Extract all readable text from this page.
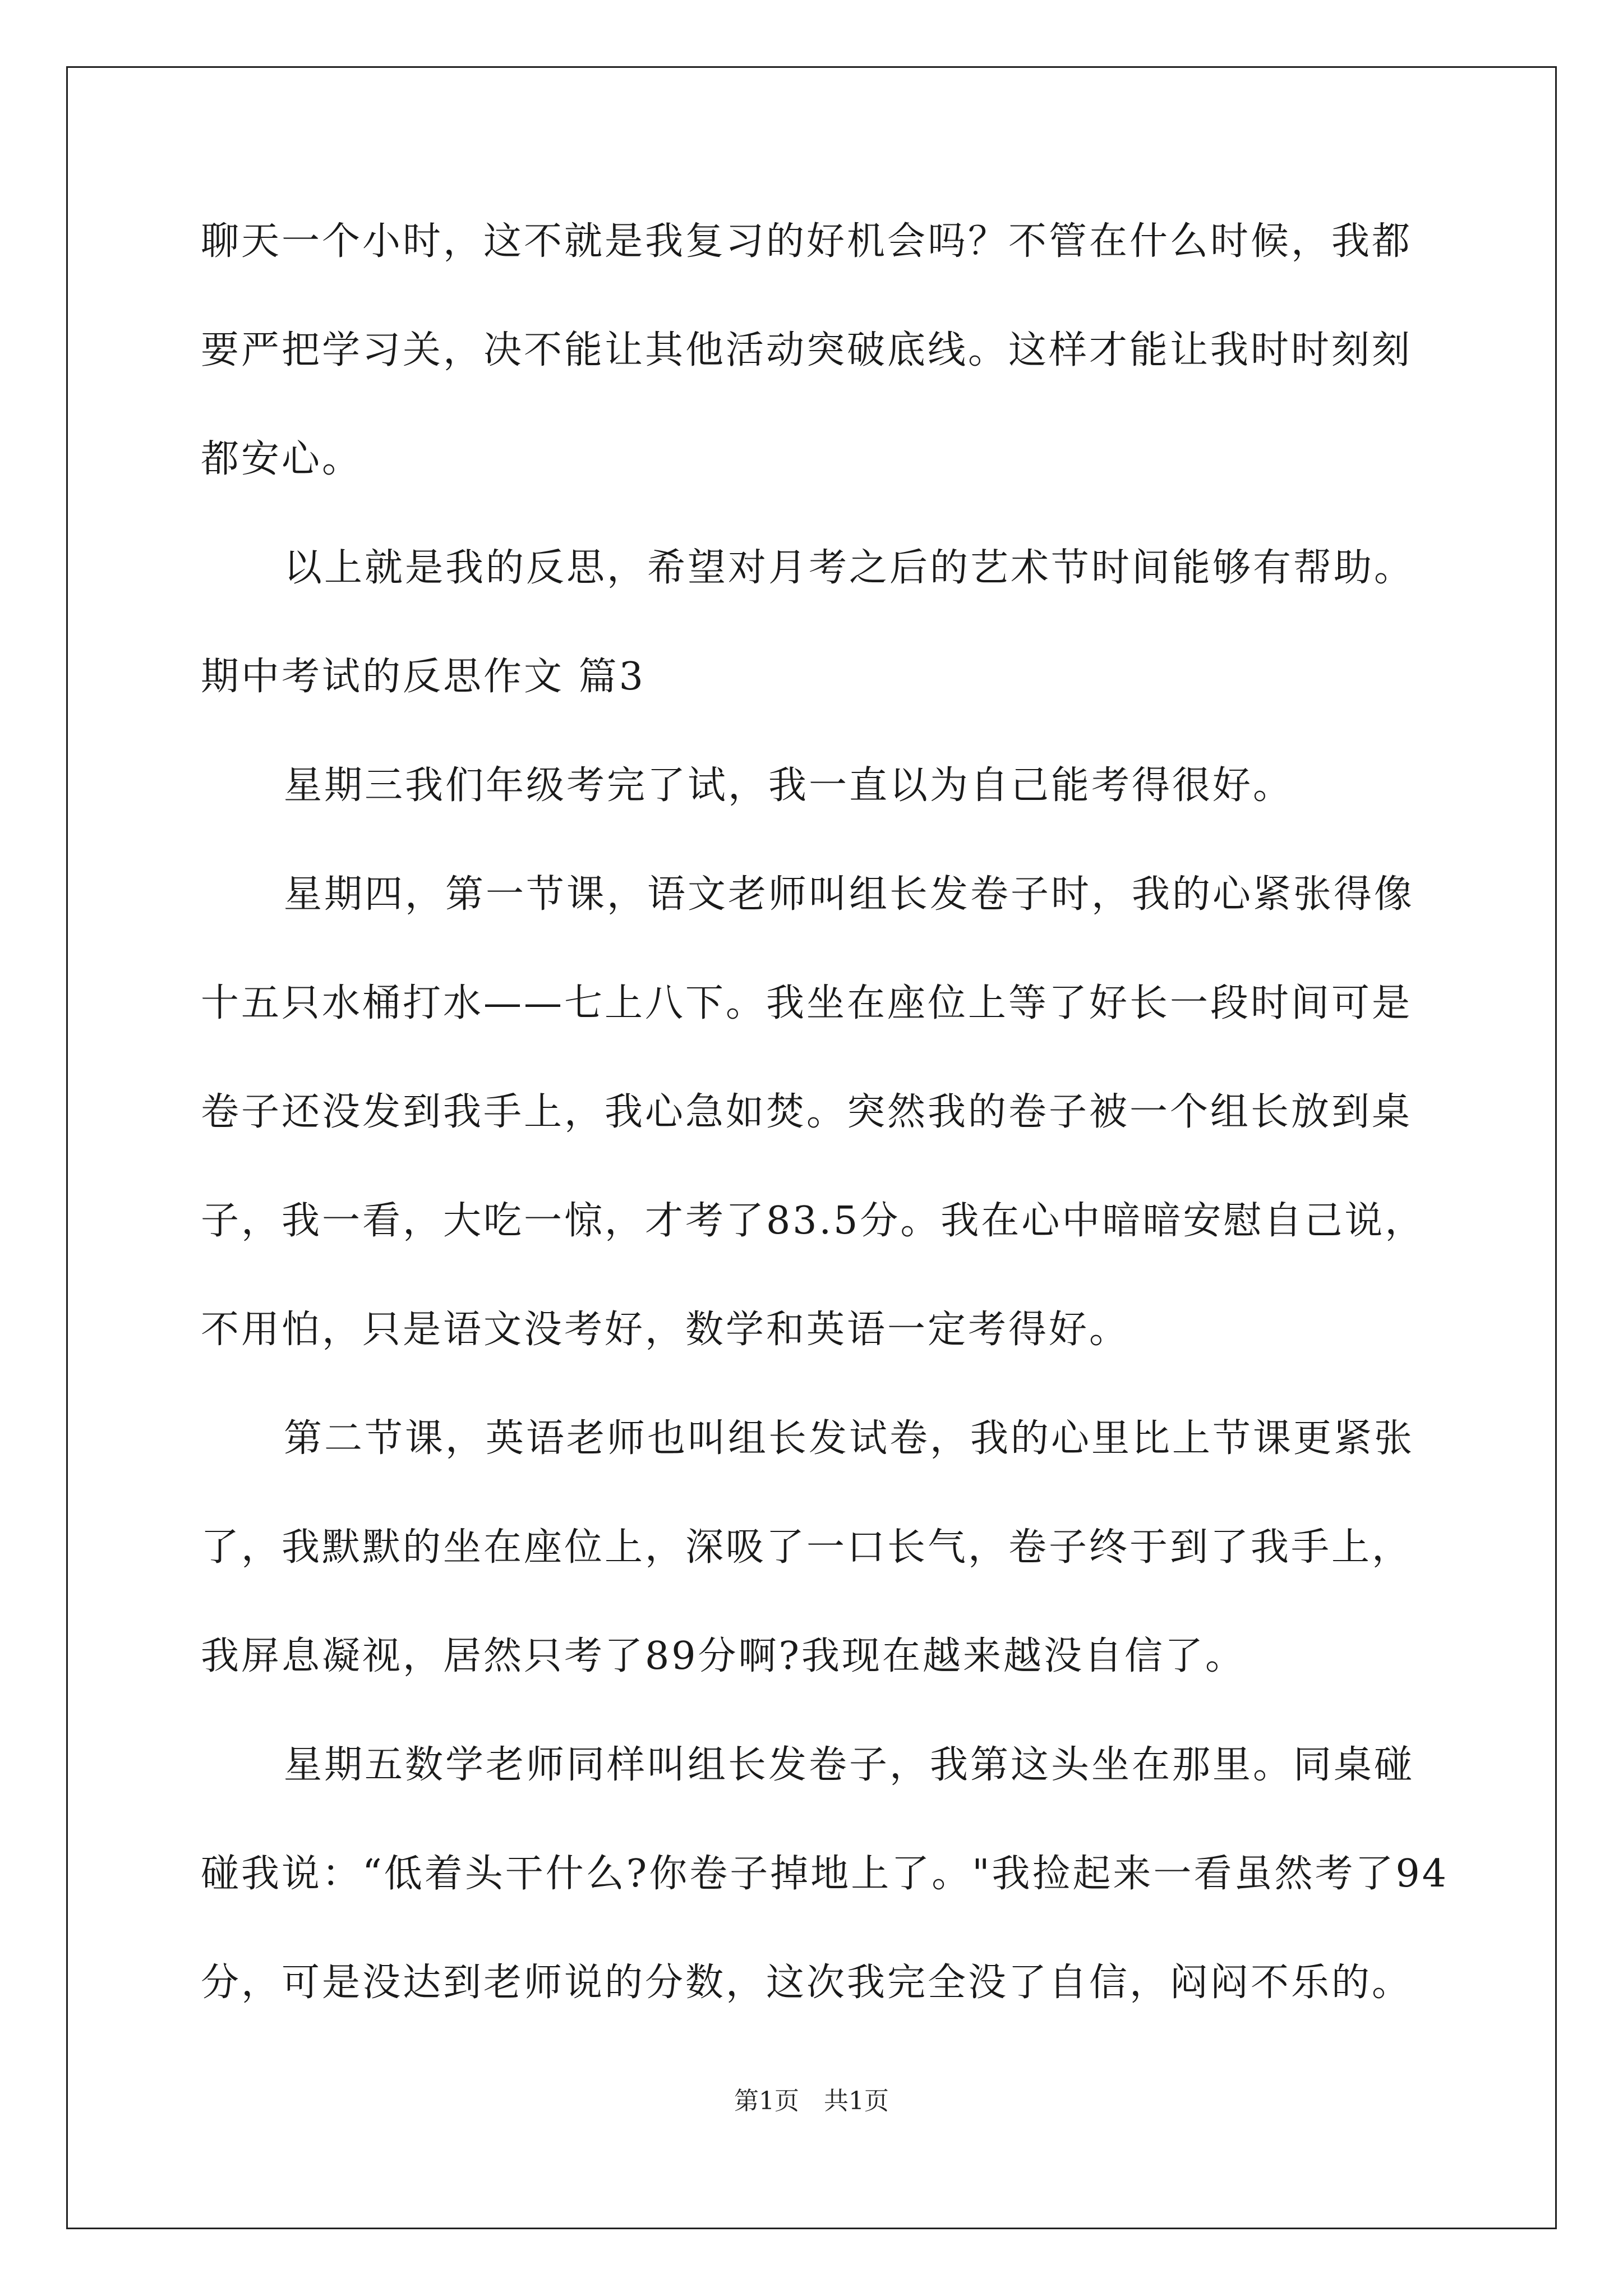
聊天一个小时，这不就是我复习的好机会吗？不管在什么时候，我都
要严把学习关，决不能让其他活动突破底线。这样才能让我时时刻刻
都安心。
以上就是我的反思，希望对月考之后的艺术节时间能够有帮助。
期中考试的反思作文 篇3
星期三我们年级考完了试，我一直以为自己能考得很好。
星期四，第一节课，语文老师叫组长发卷子时，我的心紧张得像
十五只水桶打水——七上八下。我坐在座位上等了好长一段时间可是
卷子还没发到我手上，我心急如焚。突然我的卷子被一个组长放到桌
子，我一看，大吃一惊，才考了83.5分。我在心中暗暗安慰自己说，
不用怕，只是语文没考好，数学和英语一定考得好。
第二节课，英语老师也叫组长发试卷，我的心里比上节课更紧张
了，我默默的坐在座位上，深吸了一口长气，卷子终于到了我手上，
我屏息凝视，居然只考了89分啊?我现在越来越没自信了。
星期五数学老师同样叫组长发卷子，我第这头坐在那里。同桌碰
碰我说：“低着头干什么?你卷子掉地上了。"我捡起来一看虽然考了94
分，可是没达到老师说的分数，这次我完全没了自信，闷闷不乐的。
第1页　共1页
